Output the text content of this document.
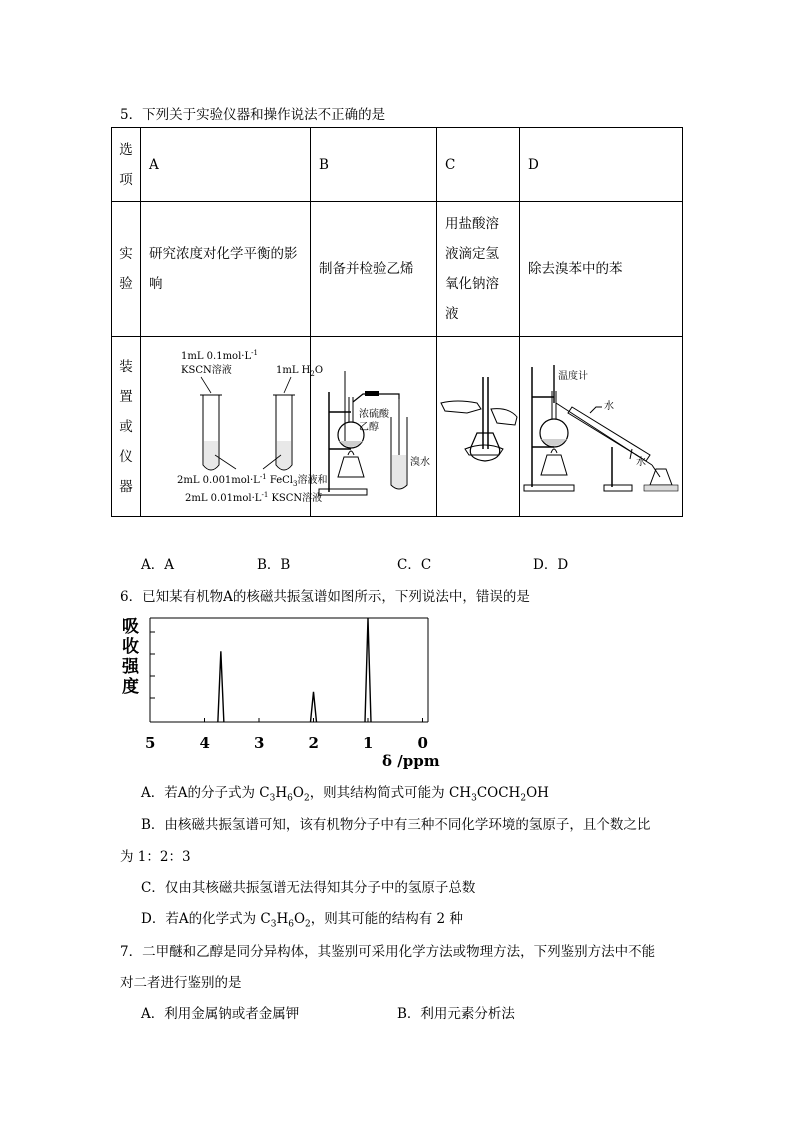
5．下列关于实验仪器和操作说法不正确的是
选
项	A	B	C	D

实
验	研究浓度对化学平衡的影响	制备并检验乙烯	用盐酸溶液滴定氢氧化钠溶液	除去溴苯中的苯

装
置
或
仪
器	1mL $0.1mol\cdot L^{-1}$
KSCN溶液 1mL $H_2O$
2mL $0.001mol\cdot L^{-1}$ FeCl$_3$溶液和
2mL $0.01mol\cdot L^{-1}$ KSCN溶液	浓硫酸
乙醇
溴水		温度计
水
水
A．A	B．B	C．C	D．D
6．已知某有机物A的核磁共振氢谱如图所示，下列说法中，错误的是
吸
收
强
度
5	4	3	2	1	0
δ /ppm
A．若A的分子式为 $C_3H_6O_2$，则其结构简式可能为 $CH_3COCH_2OH$
B．由核磁共振氢谱可知，该有机物分子中有三种不同化学环境的氢原子，且个数之比
为 1：2：3
C．仅由其核磁共振氢谱无法得知其分子中的氢原子总数
D．若A的化学式为 $C_3H_6O_2$，则其可能的结构有 2 种
7．二甲醚和乙醇是同分异构体，其鉴别可采用化学方法或物理方法，下列鉴别方法中不能
对二者进行鉴别的是
A．利用金属钠或者金属钾	B．利用元素分析法
